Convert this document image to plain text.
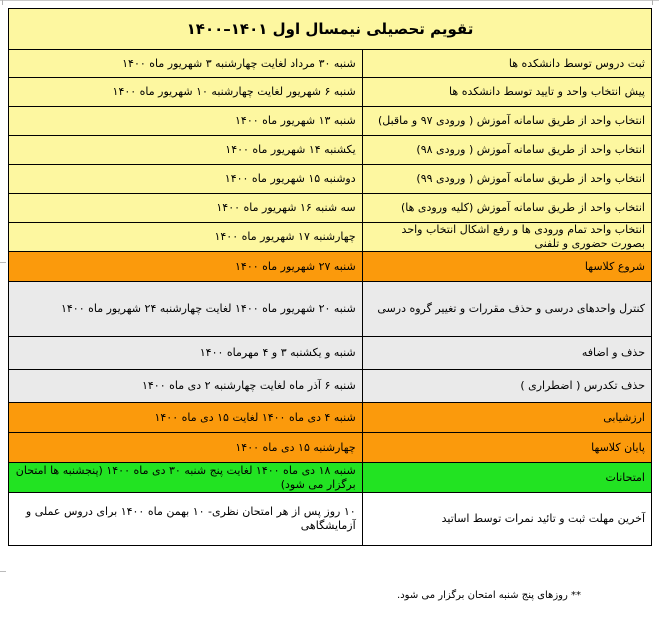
تقویم تحصیلی نیمسال اول ۱۴۰۱–۱۴۰۰	
ثبت دروس توسط دانشکده ها	شنبه ۳۰ مرداد لغایت چهارشنبه ۳ شهریور ماه ۱۴۰۰
پیش انتخاب واحد و تایید توسط دانشکده ها	شنبه ۶ شهریور لغایت چهارشنبه ۱۰ شهریور ماه ۱۴۰۰
انتخاب واحد از طریق سامانه آموزش ( ورودی ۹۷ و ماقبل)	شنبه ۱۳ شهریور ماه ۱۴۰۰
انتخاب واحد از طریق سامانه آموزش ( ورودی ۹۸)	یکشنبه ۱۴ شهریور ماه ۱۴۰۰
انتخاب واحد از طریق سامانه آموزش ( ورودی ۹۹)	دوشنبه ۱۵ شهریور ماه ۱۴۰۰
انتخاب واحد از طریق سامانه آموزش (کلیه ورودی ها)	سه شنبه ۱۶ شهریور ماه ۱۴۰۰
انتخاب واحد تمام ورودی ها و رفع اشکال انتخاب واحد بصورت حضوری و تلفنی	چهارشنبه ۱۷ شهریور ماه ۱۴۰۰
شروع کلاسها	شنبه ۲۷ شهریور ماه ۱۴۰۰
کنترل واحدهای درسی و حذف مقررات و تغییر گروه درسی	شنبه ۲۰ شهریور ماه ۱۴۰۰ لغایت چهارشنبه ۲۴ شهریور ماه ۱۴۰۰
حذف و اضافه	شنبه و یکشنبه ۳ و ۴ مهرماه ۱۴۰۰
حذف تکدرس ( اضطراری )	شنبه ۶ آذر ماه لغایت چهارشنبه ۲ دی ماه ۱۴۰۰
ارزشیابی	شنبه ۴ دی ماه ۱۴۰۰ لغایت ۱۵ دی ماه ۱۴۰۰
پایان کلاسها	چهارشنبه ۱۵ دی ماه ۱۴۰۰
امتحانات	شنبه ۱۸ دی ماه ۱۴۰۰ لغایت پنج شنبه ۳۰ دی ماه ۱۴۰۰ (پنجشنبه ها امتحان برگزار می شود)
آخرین مهلت ثبت و تائید نمرات توسط اساتید	۱۰ روز پس از هر امتحان نظری- ۱۰ بهمن ماه ۱۴۰۰ برای دروس عملی و آزمایشگاهی
** روزهای پنج شنبه امتحان برگزار می شود.
